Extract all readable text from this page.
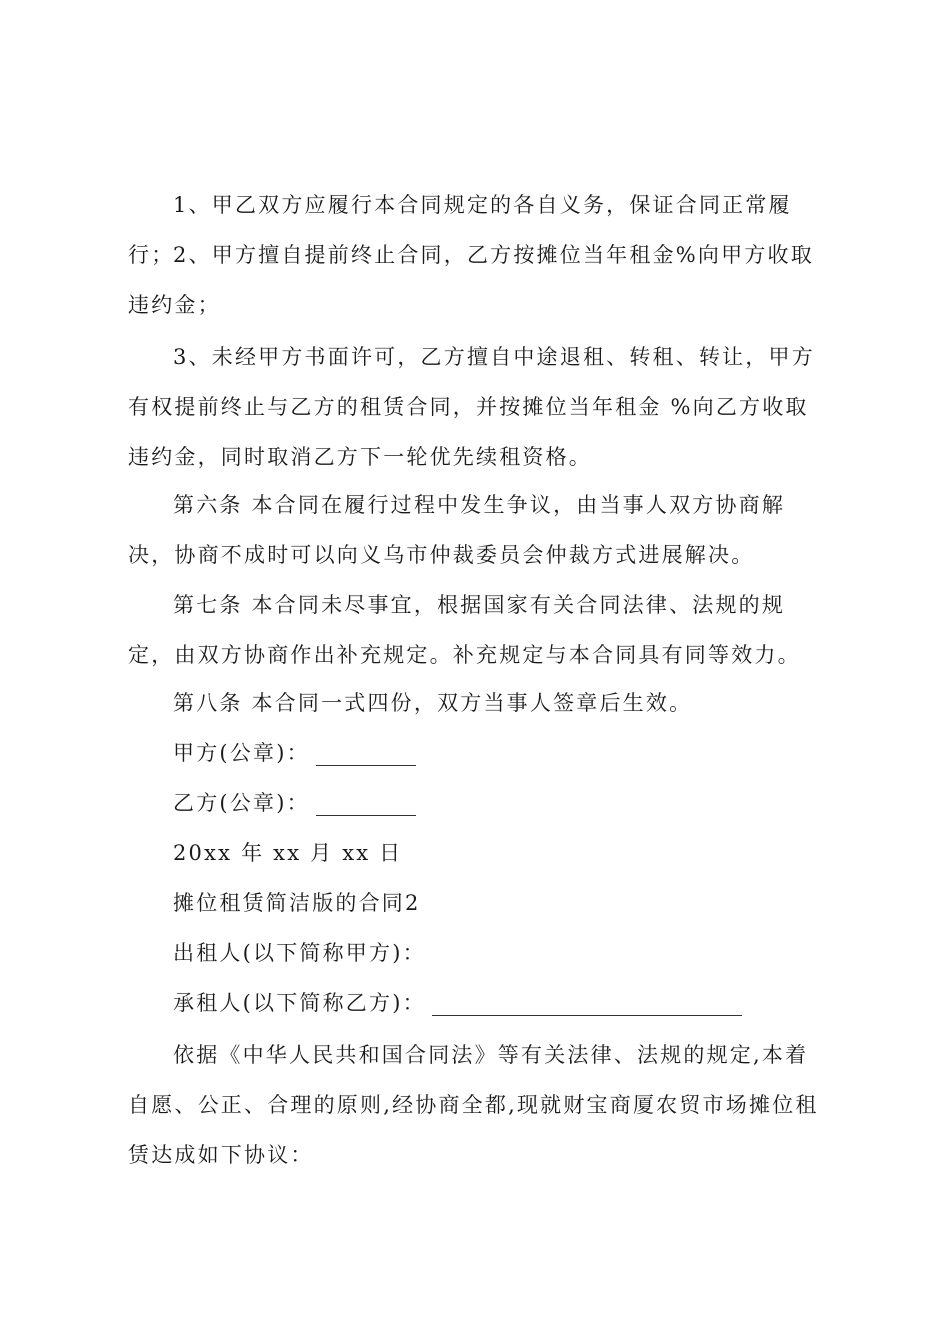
1、甲乙双方应履行本合同规定的各自义务，保证合同正常履行；

2、甲方擅自提前终止合同，乙方按摊位当年租金%向甲方收取违约金；

3、未经甲方书面许可，乙方擅自中途退租、转租、转让，甲方有权提前终止与乙方的租赁合同，并按摊位当年租金 %向乙方收取违约金，同时取消乙方下一轮优先续租资格。

第六条 本合同在履行过程中发生争议，由当事人双方协商解决，协商不成时可以向义乌市仲裁委员会仲裁方式进展解决。

第七条 本合同未尽事宜，根据国家有关合同法律、法规的规定，由双方协商作出补充规定。补充规定与本合同具有同等效力。

第八条 本合同一式四份，双方当事人签章后生效。

甲方(公章)：
乙方(公章)：

20xx 年 xx 月 xx 日

摊位租赁简洁版的合同2

出租人(以下简称甲方)：

承租人(以下简称乙方)：

依据《中华人民共和国合同法》等有关法律、法规的规定,本着自愿、公正、合理的原则,经协商全都,现就财宝商厦农贸市场摊位租赁达成如下协议：
